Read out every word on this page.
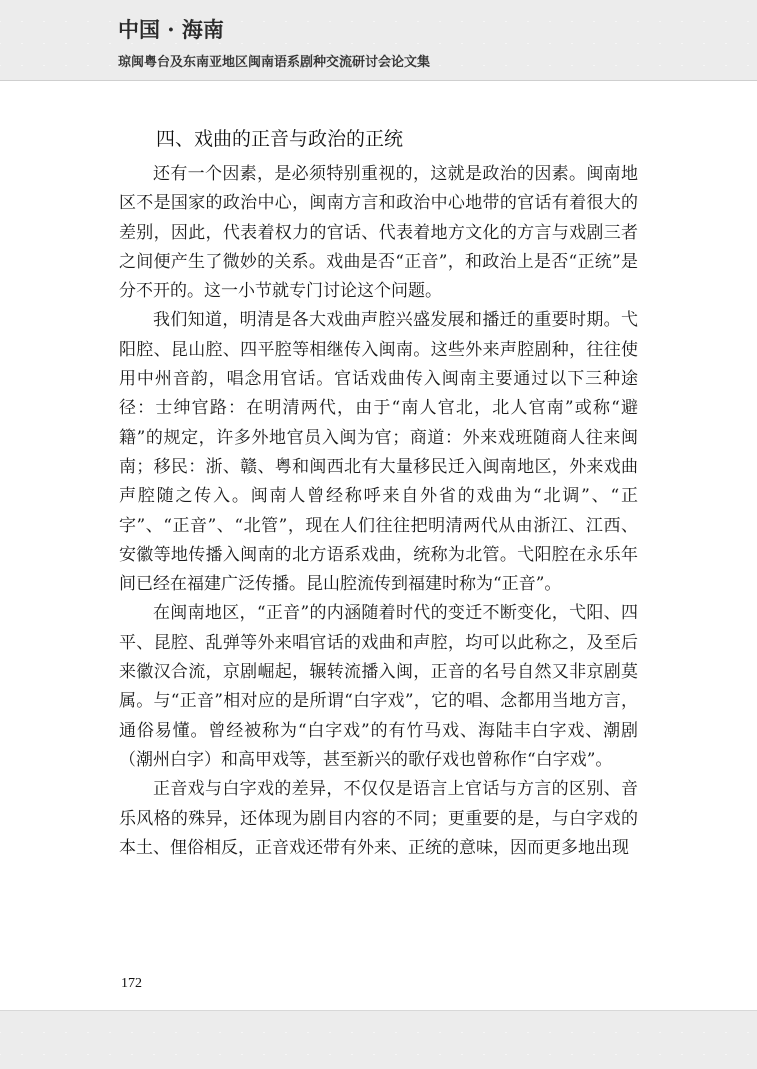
中国 · 海南
琼闽粤台及东南亚地区闽南语系剧种交流研讨会论文集
四、戏曲的正音与政治的正统

还有一个因素，是必须特别重视的，这就是政治的因素。闽南地区不是国家的政治中心，闽南方言和政治中心地带的官话有着很大的差别，因此，代表着权力的官话、代表着地方文化的方言与戏剧三者之间便产生了微妙的关系。戏曲是否“正音”，和政治上是否“正统”是分不开的。这一小节就专门讨论这个问题。

我们知道，明清是各大戏曲声腔兴盛发展和播迁的重要时期。弋阳腔、昆山腔、四平腔等相继传入闽南。这些外来声腔剧种，往往使用中州音韵，唱念用官话。官话戏曲传入闽南主要通过以下三种途径：士绅官路：在明清两代，由于“南人官北，北人官南”或称“避籍”的规定，许多外地官员入闽为官；商道：外来戏班随商人往来闽南；移民：浙、赣、粤和闽西北有大量移民迁入闽南地区，外来戏曲声腔随之传入。闽南人曾经称呼来自外省的戏曲为“北调”、“正字”、“正音”、“北管”，现在人们往往把明清两代从由浙江、江西、安徽等地传播入闽南的北方语系戏曲，统称为北管。弋阳腔在永乐年间已经在福建广泛传播。昆山腔流传到福建时称为“正音”。

在闽南地区，“正音”的内涵随着时代的变迁不断变化，弋阳、四平、昆腔、乱弹等外来唱官话的戏曲和声腔，均可以此称之，及至后来徽汉合流，京剧崛起，辗转流播入闽，正音的名号自然又非京剧莫属。与“正音”相对应的是所谓“白字戏”，它的唱、念都用当地方言，通俗易懂。曾经被称为“白字戏”的有竹马戏、海陆丰白字戏、潮剧（潮州白字）和高甲戏等，甚至新兴的歌仔戏也曾称作“白字戏”。

正音戏与白字戏的差异，不仅仅是语言上官话与方言的区别、音乐风格的殊异，还体现为剧目内容的不同；更重要的是，与白字戏的本土、俚俗相反，正音戏还带有外来、正统的意味，因而更多地出现

172
